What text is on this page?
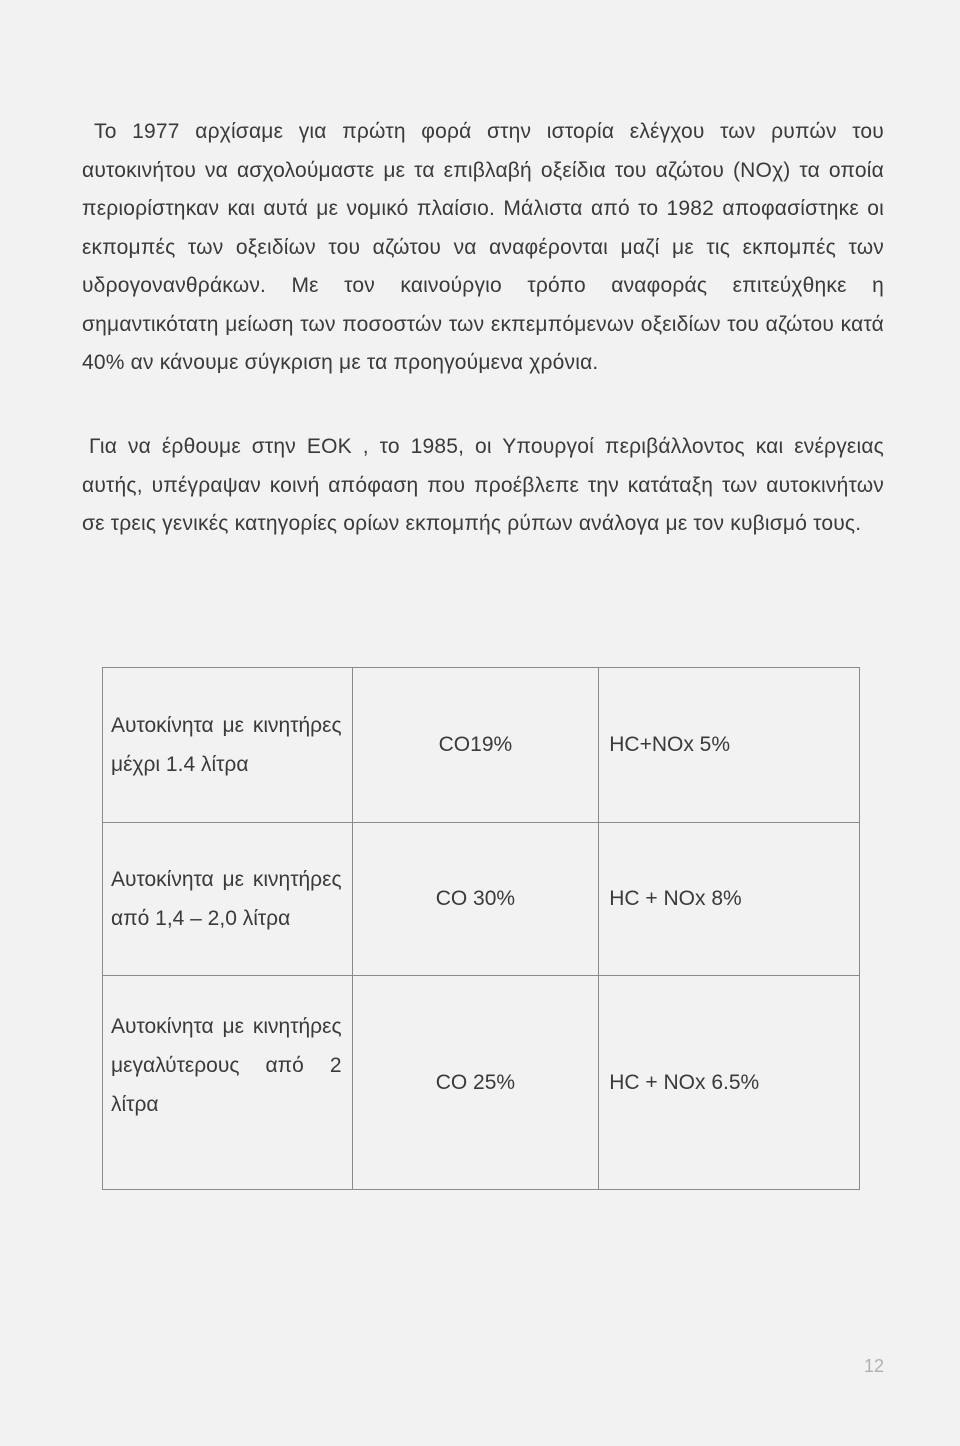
Το 1977 αρχίσαμε για πρώτη φορά στην ιστορία ελέγχου των ρυπών του αυτοκινήτου να ασχολούμαστε με τα επιβλαβή οξείδια του αζώτου (NOχ) τα οποία περιορίστηκαν και αυτά με νομικό πλαίσιο. Μάλιστα από το 1982 αποφασίστηκε οι εκπομπές των οξειδίων του αζώτου να αναφέρονται μαζί με τις εκπομπές των υδρογονανθράκων. Με τον καινούργιο τρόπο αναφοράς επιτεύχθηκε η σημαντικότατη μείωση των ποσοστών των εκπεμπόμενων οξειδίων του αζώτου κατά 40% αν κάνουμε σύγκριση με τα προηγούμενα χρόνια.

Για να έρθουμε στην ΕΟΚ , το 1985, οι Υπουργοί περιβάλλοντος και ενέργειας αυτής, υπέγραψαν κοινή απόφαση που προέβλεπε την κατάταξη των αυτοκινήτων σε τρεις γενικές κατηγορίες ορίων εκπομπής ρύπων ανάλογα με τον κυβισμό τους.

Αυτοκίνητα με κινητήρες μέχρι 1.4 λίτρα	CO19%	HC+NOx 5%

Αυτοκίνητα με κινητήρες από 1,4 – 2,0 λίτρα	CO 30%	HC + NOx 8%

Αυτοκίνητα με κινητήρες μεγαλύτερους από 2 λίτρα	CO 25%	HC + NOx 6.5%
12
